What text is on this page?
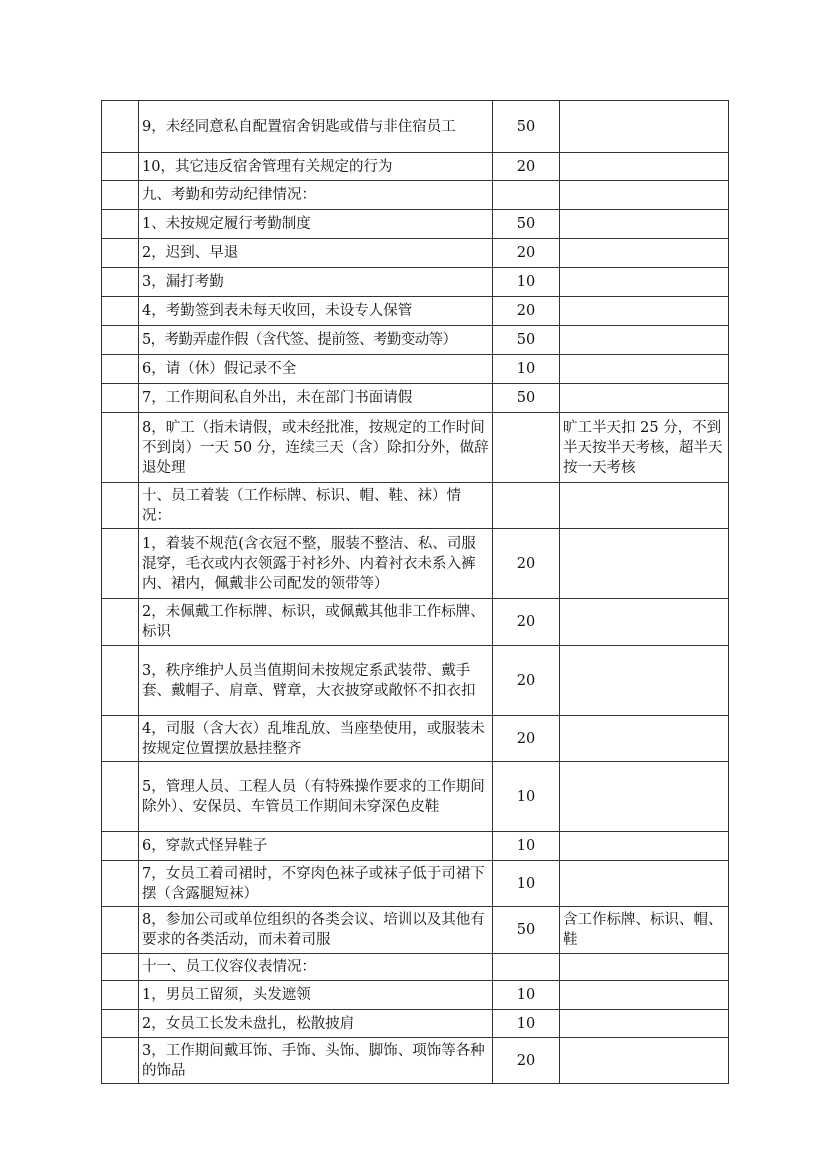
	9，未经同意私自配置宿舍钥匙或借与非住宿员工	50	
	10，其它违反宿舍管理有关规定的行为	20	
	九、考勤和劳动纪律情况：		
	1、未按规定履行考勤制度	50	
	2，迟到、早退	20	
	3，漏打考勤	10	
	4，考勤签到表未每天收回，未设专人保管	20	
	5，考勤弄虚作假（含代签、提前签、考勤变动等）	50	
	6，请（休）假记录不全	10	
	7，工作期间私自外出，未在部门书面请假	50	
	8，旷工（指未请假，或未经批准，按规定的工作时间不到岗）一天 50 分，连续三天（含）除扣分外，做辞退处理		旷工半天扣 25 分，不到半天按半天考核，超半天按一天考核
	十、员工着装（工作标牌、标识、帽、鞋、袜）情况：		
	1，着装不规范(含衣冠不整，服装不整洁、私、司服混穿，毛衣或内衣领露于衬衫外、内着衬衣未系入裤内、裙内，佩戴非公司配发的领带等）	20	
	2，未佩戴工作标牌、标识，或佩戴其他非工作标牌、标识	20	
	3，秩序维护人员当值期间未按规定系武装带、戴手套、戴帽子、肩章、臂章，大衣披穿或敞怀不扣衣扣	20	
	4，司服（含大衣）乱堆乱放、当座垫使用，或服装未按规定位置摆放悬挂整齐	20	
	5，管理人员、工程人员（有特殊操作要求的工作期间除外）、安保员、车管员工作期间未穿深色皮鞋	10	
	6，穿款式怪异鞋子	10	
	7，女员工着司裙时，不穿肉色袜子或袜子低于司裙下摆（含露腿短袜）	10	
	8，参加公司或单位组织的各类会议、培训以及其他有要求的各类活动，而未着司服	50	含工作标牌、标识、帽、鞋
	十一、员工仪容仪表情况：		
	1，男员工留须，头发遮领	10	
	2，女员工长发未盘扎，松散披肩	10	
	3，工作期间戴耳饰、手饰、头饰、脚饰、项饰等各种的饰品	20	
